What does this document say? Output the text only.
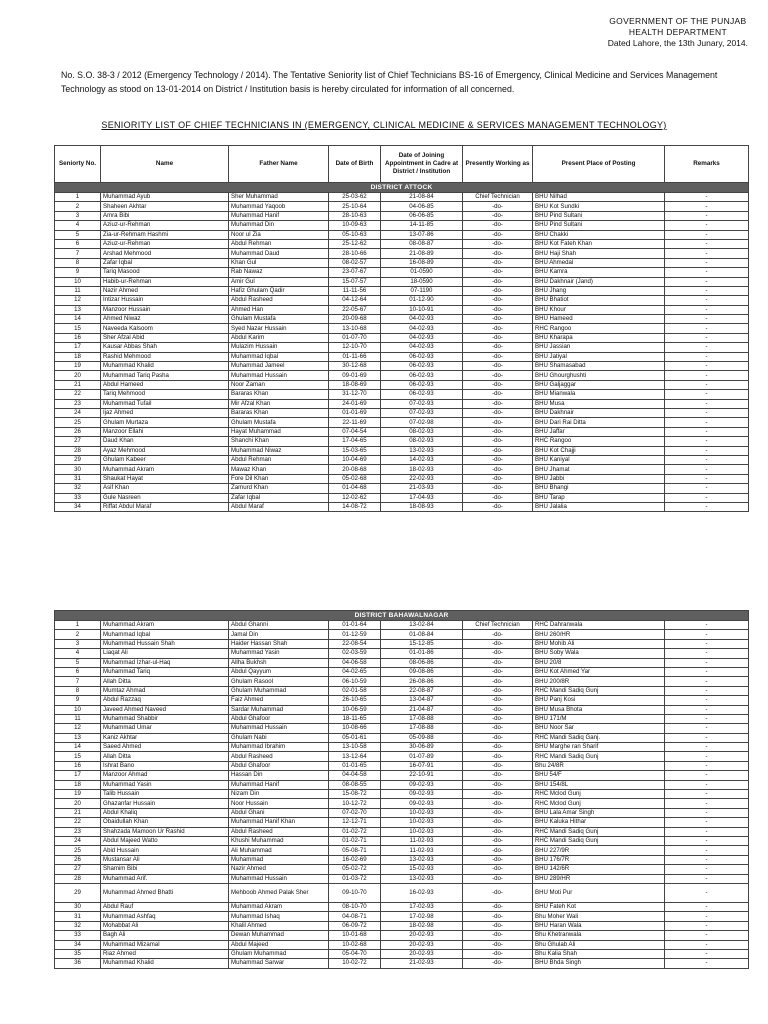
GOVERNMENT OF THE PUNJAB
HEALTH DEPARTMENT
Dated Lahore, the 13th Junary, 2014.
No. S.O. 38-3 / 2012 (Emergency Technology / 2014). The Tentative Seniority list of Chief Technicians BS-16 of Emergency, Clinical Medicine and Services Management Technology as stood on 13-01-2014 on District / Institution basis is hereby circulated for information of all concerned.
SENIORITY LIST OF CHIEF TECHNICIANS IN (EMERGENCY, CLINICAL MEDICINE & SERVICES MANAGEMENT TECHNOLOGY)
Seniorty No.	Name	Father Name	Date of Birth	Date of Joining Appointment in Cadre at District / Institution	Presently Working as	Present Place of Posting	Remarks
DISTRICT ATTOCK							
1	Muhammad Ayub	Sher Muhammad	25-03-62	21-08-84	Chief Technician	BHU Nilhad	-
2	Shaheen Akhtar	Muhammad Yaqoob	25-10-64	04-06-85	-do-	BHU Kot Sundki	-
3	Amra Bibi	Muhammad Hanif	28-10-63	06-06-85	-do-	BHU Pind Sultani	-
4	Aziuz-ur-Rehman	Muhammad Din	10-09-63	14-11-85	-do-	BHU Pind Sultani	-
5	Zia-ur-Rehmam Hashmi	Noor ul Zia	05-10-63	13-07-86	-do-	BHU Chakki	-
6	Aziuz-ur-Rehman	Abdul Rehman	25-12-62	08-08-87	-do-	BHU Kot Fateh Khan	-
7	Arshad Mehmood	Muhammad Daud	28-10-66	21-08-89	-do-	BHU Haji Shah	-
8	Zafar Iqbal	Khan Gul	08-02-57	16-08-89	-do-	BHU Ahmedal	-
9	Tariq Masood	Rab Nawaz	23-07-67	01-0590	-do-	BHU Kamra	-
10	Habib-ur-Rehman	Amir Gul	15-07-57	18-0590	-do-	BHU Dakhnair (Jand)	-
11	Nazir Ahmed	Hafiz Ghulam Qadir	11-11-56	07-1190	-do-	BHU Jhang	-
12	Intizar Hussain	Abdul Rasheed	04-12-64	01-12-90	-do-	BHU Bhatiot	-
13	Manzoor Hussain	Ahmed Han	22-05-67	10-10-91	-do-	BHU Khour	-
14	Ahmed Niwaz	Ghulam Mustafa	20-09-68	04-02-93	-do-	BHU Hameed	-
15	Naveeda Kalsoom	Syed Nazar Hussain	13-10-68	04-02-93	-do-	RHC Rangoo	-
16	Sher Afzal Abid	Abdul Karim	01-07-70	04-02-93	-do-	BHU Kharapa	-
17	Kausar Abbas Shah	Mulazim Hussain	12-10-70	04-02-93	-do-	BHU Jassian	-
18	Rashid Mehmood	Muhammad Iqbal	01-11-66	06-02-93	-do-	BHU Jatiyal	-
19	Muhammad Khalid	Muhammad Jameel	30-12-68	06-02-93	-do-	BHU Shamasabad	-
20	Muhammad Tariq Pasha	Muhammad Hussain	09-01-69	06-02-93	-do-	BHU Ghourghushti	-
21	Abdul Hameed	Noor Zaman	18-08-69	06-02-93	-do-	BHU Galjaggar	-
22	Tariq Mehmood	Bararas Khan	31-12-70	06-02-93	-do-	BHU Mianwala	-
23	Muhammad Tufail	Mir Afzal Khan	24-01-69	07-02-93	-do-	BHU Musa	-
24	Ijaz Ahmed	Bararas Khan	01-01-69	07-02-93	-do-	BHU Dakhnair	-
25	Ghulam Murtaza	Ghulam Mustafa	22-11-69	07-02-98	-do-	BHU Dari Rai Ditta	-
26	Manzoor Ellahi	Hayat Muhammad	07-04-54	08-02-93	-do-	BHU Jaffar	-
27	Daud Khan	Shanchi Khan	17-04-65	08-02-93	-do-	RHC Rangoo	-
28	Ayaz Mehmood	Muhammad Niwaz	15-03-65	13-02-93	-do-	BHU Kot Chajji	-
29	Ghulam Kabeer	Abdul Rehman	10-04-69	14-02-93	-do-	BHU Kaniyal	-
30	Muhammad Akram	Mawaz Khan	20-08-68	18-02-93	-do-	BHU Jhamat	-
31	Shaukat Hayat	Fore Dil Khan	05-02-68	22-02-93	-do-	BHU Jabbi	-
32	Asif Khan	Zamurd Khan	01-04-68	21-03-93	-do-	BHU Bhangi	-
33	Gule Nasreen	Zafar Iqbal	12-02-62	17-04-93	-do-	BHU Tarap	-
34	Riffat Abdul Maraf	Abdul Maraf	14-08-72	18-08-93	-do-	BHU Jalalia	-
DISTRICT BAHAWALNAGAR							
1	Muhammad Akram	Abdul Ghanni	01-01-64	13-02-84	Chief Technician	RHC Dahranwala	-
2	Muhammad Iqbal	Jamal Din	01-12-59	01-08-84	-do-	BHU 260/HR	-
3	Muhammad Hussain Shah	Haider Hassan Shah	22-08-54	15-12-85	-do-	BHU Mohib Ali	-
4	Liaqat Ali	Muhammad Yasin	02-03-59	01-01-86	-do-	BHU Soby Wala	-
5	Muhammad Izhar-ul-Haq	Allha Bukhsh	04-06-58	08-06-86	-do-	BHU 20/8	-
6	Muhammad Tariq	Abdul Qayyum	04-02-65	09-08-86	-do-	BHU Kot Ahmed Yar	-
7	Allah Ditta	Ghulam Rasool	06-10-59	26-08-86	-do-	BHU 200/8R	-
8	Mumtaz Ahmad	Ghulam Muhammad	02-01-58	22-08-87	-do-	RHC Mandi Sadiq Gunj	-
9	Abdul Razzaq	Faiz Ahmed	26-10-65	13-04-87	-do-	BHU Panj Kosi	-
10	Javeed Ahmed Naveed	Sardar Muhammad	10-06-59	21-04-87	-do-	BHU Musa Bhota	-
11	Muhammad Shabbir	Abdul Ghafoor	18-11-65	17-08-88	-do-	BHU 171/M	-
12	Muhammad Umar	Muhammad Hussain	10-08-66	17-08-88	-do-	BHU Noor Sar	-
13	Kaniz Akhtar	Ghulam Nabi	05-01-61	05-09-88	-do-	RHC Mandi Sadiq Ganj.	-
14	Saeed Ahmed	Muhammad Ibrahim	13-10-58	30-06-89	-do-	BHU Marghe ran Sharif	-
15	Allah Ditta	Abdul Rasheed	13-12-64	01-07-89	-do-	RHC Mandi Sadiq Gunj	-
16	Ishrat Bano	Abdul Ghafoor	01-01-65	16-07-91	-do-	Bhu 24/8R	-
17	Manzoor Ahmad	Hassan Din	04-04-58	22-10-91	-do-	BHU 54/F	-
18	Muhammad Yasin	Muhammad Hanif	08-08-55	09-02-93	-do-	BHU 154/8L	-
19	Talib Hussain	Nizam Din	15-08-72	09-02-93	-do-	RHC Mclod Gunj	-
20	Ghazanfar Hussain	Noor Hussain	10-12-72	09-02-93	-do-	RHC Mclod Gunj	-
21	Abdul Khaliq	Abdul Ghani	07-02-70	10-02-93	-do-	BHU Lala Amar Singh	-
22	Obaidullah Khan	Muhammad Hanif Khan	12-12-71	10-02-93	-do-	BHU Kaluka Hithar	-
23	Shahzada Mamoon Ur Rashid	Abdul Rasheed	01-02-72	10-02-93	-do-	RHC Mandi Sadiq Gunj	-
24	Abdul Majeed Watto	Khushi Muhammad	01-02-71	11-02-93	-do-	RHC Mandi Sadiq Gunj	-
25	Abid Hussain	Ali Muhammad	05-08-71	11-02-93	-do-	BHU 227/9R	-
26	Mustansar Ali	Muhammad	16-02-69	13-02-93	-do-	BHU 176/7R	-
27	Shamim Bibi	Nazir Ahmed	05-02-72	15-02-93	-do-	BHU 142/6R	-
28	Muhammad Arif.	Muhammad Hussain	01-03-72	13-02-93	-do-	BHU 289/HR	-
29	Muhammad Ahmed Bhatti	Mehboob Ahmed Palak Sher	09-10-70	16-02-93	-do-	BHU Moti Pur	-
30	Abdul Rauf	Muhammad Akram	08-10-70	17-02-93	-do-	BHU Fateh Kot	-
31	Muhammad Ashfaq	Muhammad Ishaq	04-08-71	17-02-98	-do-	Bhu Moher Wali	-
32	Mohabbat Ali	Khalil Ahmed	06-09-72	18-02-98	-do-	BHU Haran Wala	-
33	Bagh Ali	Dewan Muhammad	10-01-68	20-02-93	-do-	Bhu Khetranwala	-
34	Muhammad Mizamal	Abdul Majeed	10-02-68	20-02-93	-do-	Bhu Ghulab Ali	-
35	Riaz Ahmed	Ghulam Muhammad	05-04-70	20-02-93	-do-	Bhu Kalia Shah	-
36	Muhammad Khalid	Muhammad Sarwar	10-02-72	21-02-93	-do-	BHU Bhda Singh	-
